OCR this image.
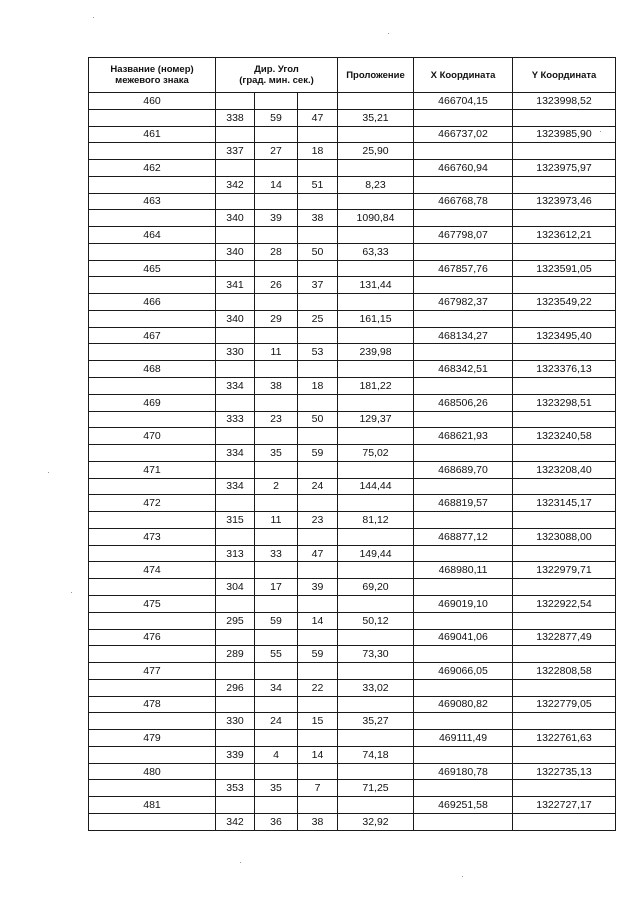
Название (номер)
межевого знака	Дир. Угол
(град. мин. сек.)			Проложение	X Координата	Y Координата
460					466704,15	1323998,52
	338	59	47	35,21		
461					466737,02	1323985,90
	337	27	18	25,90		
462					466760,94	1323975,97
	342	14	51	8,23		
463					466768,78	1323973,46
	340	39	38	1090,84		
464					467798,07	1323612,21
	340	28	50	63,33		
465					467857,76	1323591,05
	341	26	37	131,44		
466					467982,37	1323549,22
	340	29	25	161,15		
467					468134,27	1323495,40
	330	11	53	239,98		
468					468342,51	1323376,13
	334	38	18	181,22		
469					468506,26	1323298,51
	333	23	50	129,37		
470					468621,93	1323240,58
	334	35	59	75,02		
471					468689,70	1323208,40
	334	2	24	144,44		
472					468819,57	1323145,17
	315	11	23	81,12		
473					468877,12	1323088,00
	313	33	47	149,44		
474					468980,11	1322979,71
	304	17	39	69,20		
475					469019,10	1322922,54
	295	59	14	50,12		
476					469041,06	1322877,49
	289	55	59	73,30		
477					469066,05	1322808,58
	296	34	22	33,02		
478					469080,82	1322779,05
	330	24	15	35,27		
479					469111,49	1322761,63
	339	4	14	74,18		
480					469180,78	1322735,13
	353	35	7	71,25		
481					469251,58	1322727,17
	342	36	38	32,92		
